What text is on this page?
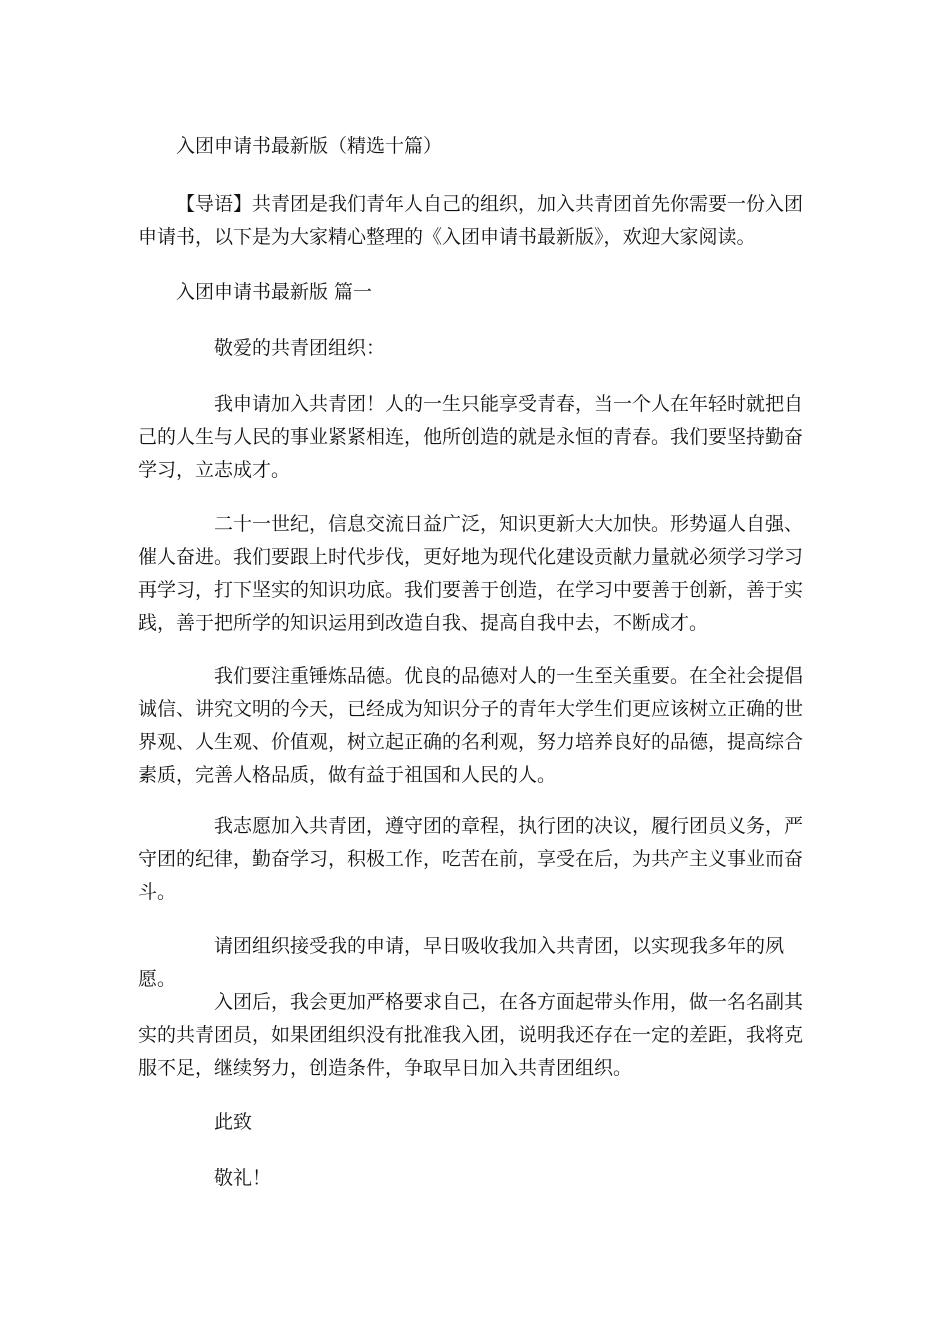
入团申请书最新版（精选十篇）
【导语】共青团是我们青年人自己的组织，加入共青团首先你需要一份入团申请书，以下是为大家精心整理的《入团申请书最新版》，欢迎大家阅读。
入团申请书最新版 篇一
敬爱的共青团组织：
我申请加入共青团！人的一生只能享受青春，当一个人在年轻时就把自己的人生与人民的事业紧紧相连，他所创造的就是永恒的青春。我们要坚持勤奋学习，立志成才。
二十一世纪，信息交流日益广泛，知识更新大大加快。形势逼人自强、催人奋进。我们要跟上时代步伐，更好地为现代化建设贡献力量就必须学习学习再学习，打下坚实的知识功底。我们要善于创造，在学习中要善于创新，善于实践，善于把所学的知识运用到改造自我、提高自我中去，不断成才。
我们要注重锤炼品德。优良的品德对人的一生至关重要。在全社会提倡诚信、讲究文明的今天，已经成为知识分子的青年大学生们更应该树立正确的世界观、人生观、价值观，树立起正确的名利观，努力培养良好的品德，提高综合素质，完善人格品质，做有益于祖国和人民的人。
我志愿加入共青团，遵守团的章程，执行团的决议，履行团员义务，严守团的纪律，勤奋学习，积极工作，吃苦在前，享受在后，为共产主义事业而奋斗。
请团组织接受我的申请，早日吸收我加入共青团，以实现我多年的夙愿。
入团后，我会更加严格要求自己，在各方面起带头作用，做一名名副其实的共青团员，如果团组织没有批准我入团，说明我还存在一定的差距，我将克服不足，继续努力，创造条件，争取早日加入共青团组织。
此致
敬礼！
